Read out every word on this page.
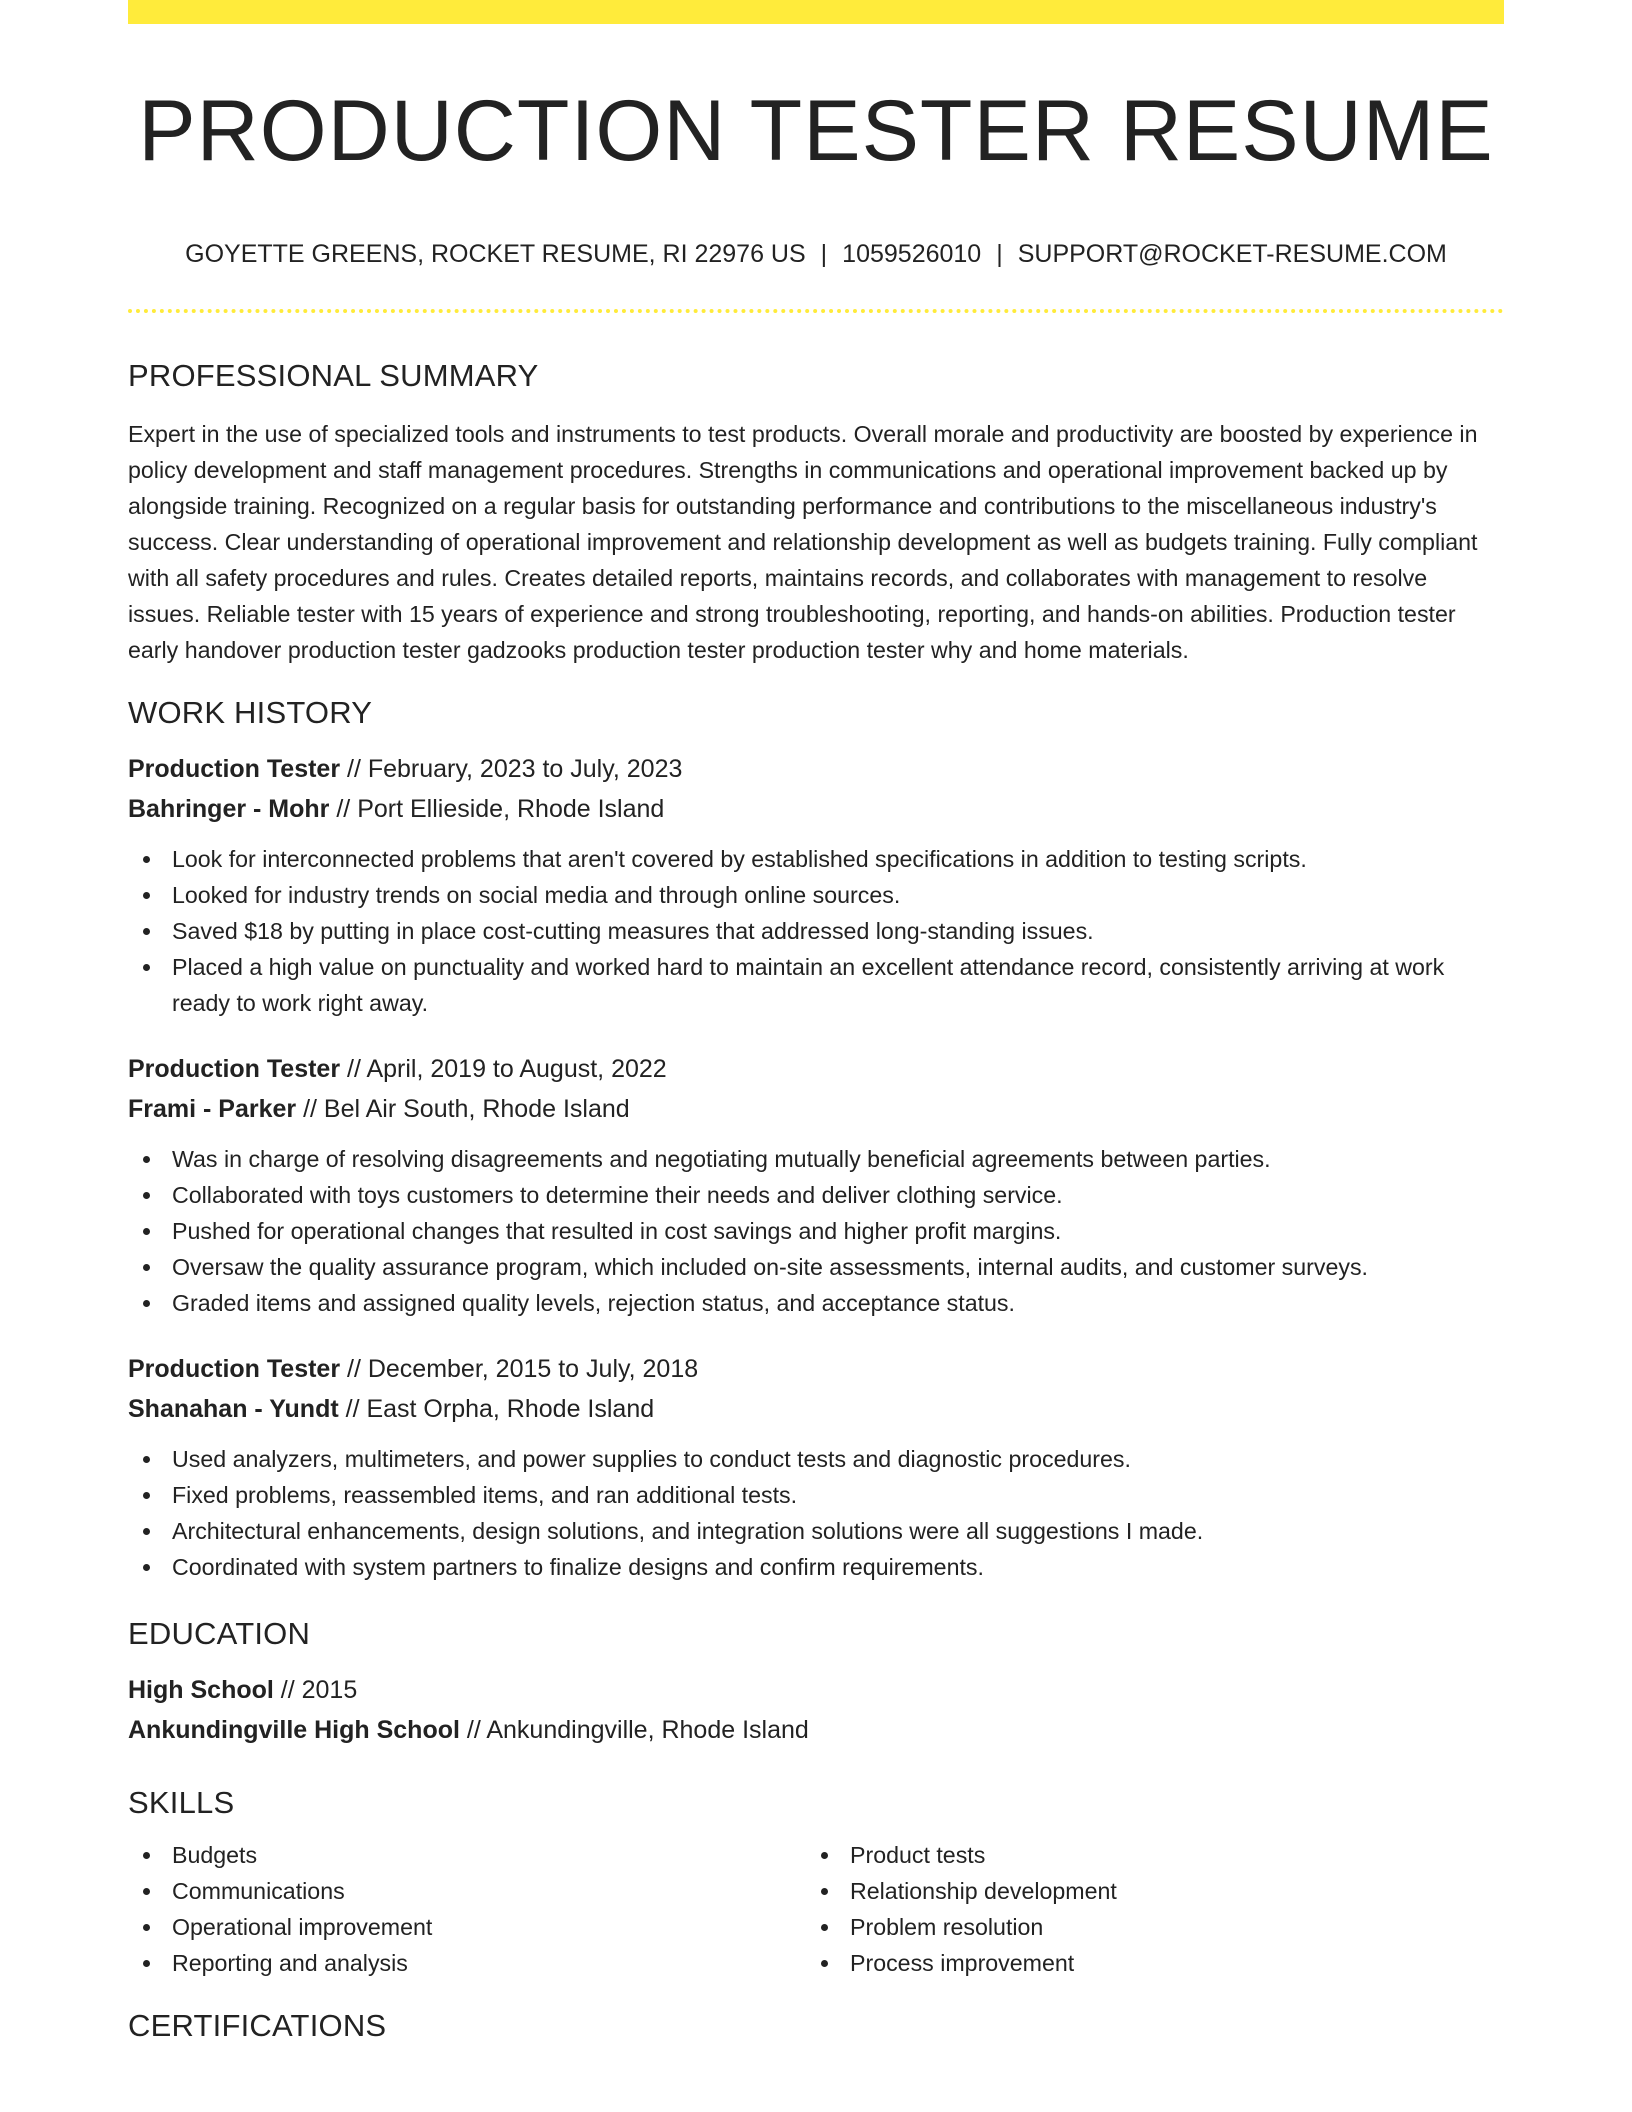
PRODUCTION TESTER RESUME
GOYETTE GREENS, ROCKET RESUME, RI 22976 US | 1059526010 | SUPPORT@ROCKET-RESUME.COM
PROFESSIONAL SUMMARY

Expert in the use of specialized tools and instruments to test products. Overall morale and productivity are boosted by experience in policy development and staff management procedures. Strengths in communications and operational improvement backed up by alongside training. Recognized on a regular basis for outstanding performance and contributions to the miscellaneous industry's success. Clear understanding of operational improvement and relationship development as well as budgets training. Fully compliant with all safety procedures and rules. Creates detailed reports, maintains records, and collaborates with management to resolve issues. Reliable tester with 15 years of experience and strong troubleshooting, reporting, and hands-on abilities. Production tester early handover production tester gadzooks production tester production tester why and home materials.

WORK HISTORY
Production Tester // February, 2023 to July, 2023
Bahringer - Mohr // Port Ellieside, Rhode Island
Look for interconnected problems that aren't covered by established specifications in addition to testing scripts.
Looked for industry trends on social media and through online sources.
Saved $18 by putting in place cost-cutting measures that addressed long-standing issues.
Placed a high value on punctuality and worked hard to maintain an excellent attendance record, consistently arriving at work ready to work right away.
Production Tester // April, 2019 to August, 2022
Frami - Parker // Bel Air South, Rhode Island
Was in charge of resolving disagreements and negotiating mutually beneficial agreements between parties.
Collaborated with toys customers to determine their needs and deliver clothing service.
Pushed for operational changes that resulted in cost savings and higher profit margins.
Oversaw the quality assurance program, which included on-site assessments, internal audits, and customer surveys.
Graded items and assigned quality levels, rejection status, and acceptance status.
Production Tester // December, 2015 to July, 2018
Shanahan - Yundt // East Orpha, Rhode Island
Used analyzers, multimeters, and power supplies to conduct tests and diagnostic procedures.
Fixed problems, reassembled items, and ran additional tests.
Architectural enhancements, design solutions, and integration solutions were all suggestions I made.
Coordinated with system partners to finalize designs and confirm requirements.
EDUCATION
High School // 2015
Ankundingville High School // Ankundingville, Rhode Island
SKILLS
Budgets
Communications
Operational improvement
Reporting and analysis
Product tests
Relationship development
Problem resolution
Process improvement
CERTIFICATIONS
